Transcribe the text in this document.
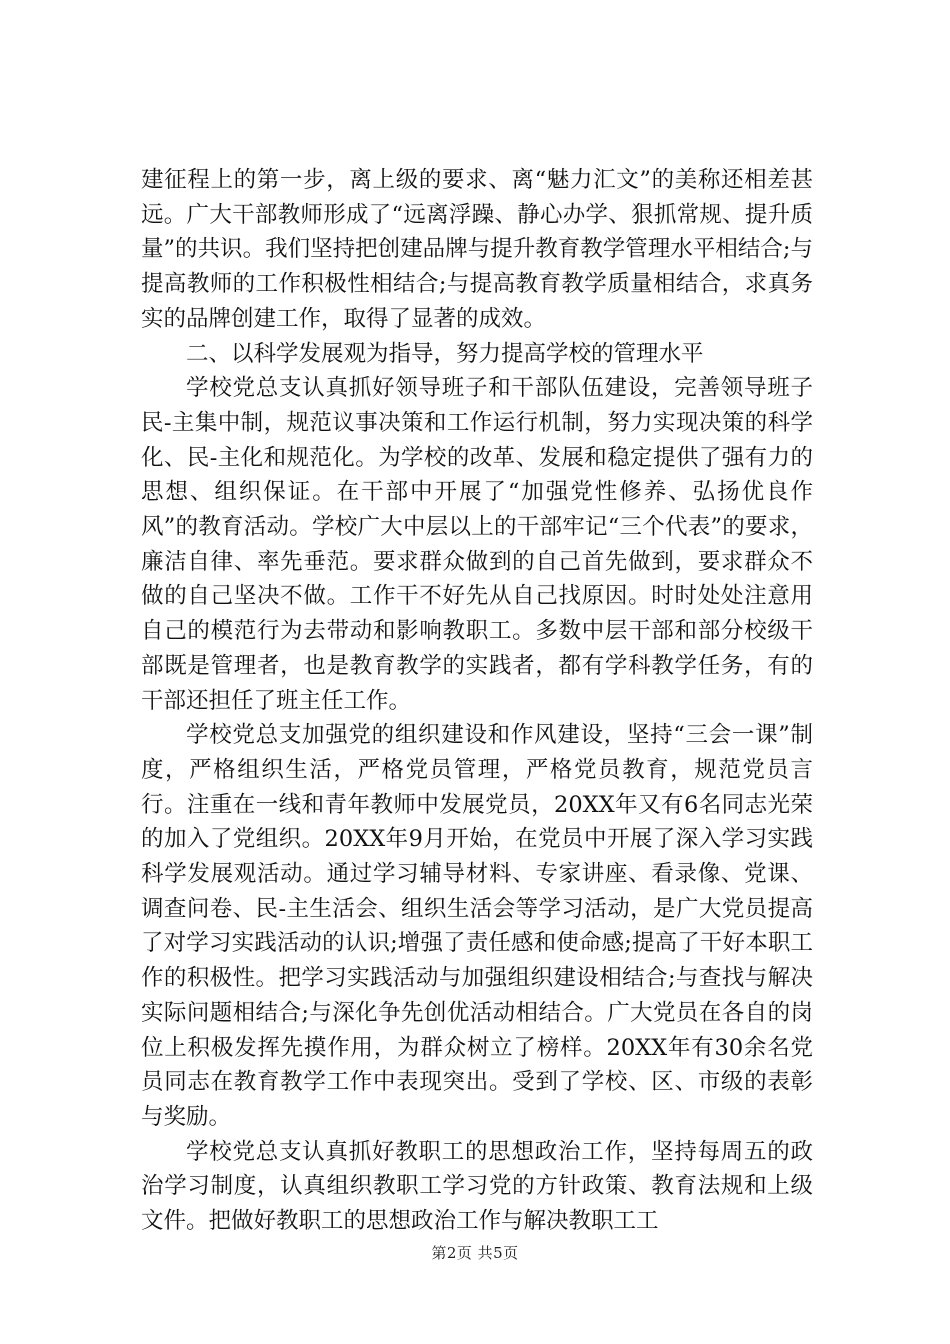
建征程上的第一步，离上级的要求、离“魅力汇文”的美称还相差甚远。广大干部教师形成了“远离浮躁、静心办学、狠抓常规、提升质量”的共识。我们坚持把创建品牌与提升教育教学管理水平相结合;与提高教师的工作积极性相结合;与提高教育教学质量相结合，求真务实的品牌创建工作，取得了显著的成效。

二、以科学发展观为指导，努力提高学校的管理水平

学校党总支认真抓好领导班子和干部队伍建设，完善领导班子民-主集中制，规范议事决策和工作运行机制，努力实现决策的科学化、民-主化和规范化。为学校的改革、发展和稳定提供了强有力的思想、组织保证。在干部中开展了“加强党性修养、弘扬优良作风”的教育活动。学校广大中层以上的干部牢记“三个代表”的要求，廉洁自律、率先垂范。要求群众做到的自己首先做到，要求群众不做的自己坚决不做。工作干不好先从自己找原因。时时处处注意用自己的模范行为去带动和影响教职工。多数中层干部和部分校级干部既是管理者，也是教育教学的实践者，都有学科教学任务，有的干部还担任了班主任工作。

学校党总支加强党的组织建设和作风建设，坚持“三会一课”制度，严格组织生活，严格党员管理，严格党员教育，规范党员言行。注重在一线和青年教师中发展党员，20XX年又有6名同志光荣的加入了党组织。20XX年9月开始，在党员中开展了深入学习实践科学发展观活动。通过学习辅导材料、专家讲座、看录像、党课、调查问卷、民-主生活会、组织生活会等学习活动，是广大党员提高了对学习实践活动的认识;增强了责任感和使命感;提高了干好本职工作的积极性。把学习实践活动与加强组织建设相结合;与查找与解决实际问题相结合;与深化争先创优活动相结合。广大党员在各自的岗位上积极发挥先摸作用，为群众树立了榜样。20XX年有30余名党员同志在教育教学工作中表现突出。受到了学校、区、市级的表彰与奖励。

学校党总支认真抓好教职工的思想政治工作，坚持每周五的政治学习制度，认真组织教职工学习党的方针政策、教育法规和上级文件。把做好教职工的思想政治工作与解决教职工工

第2页 共5页
